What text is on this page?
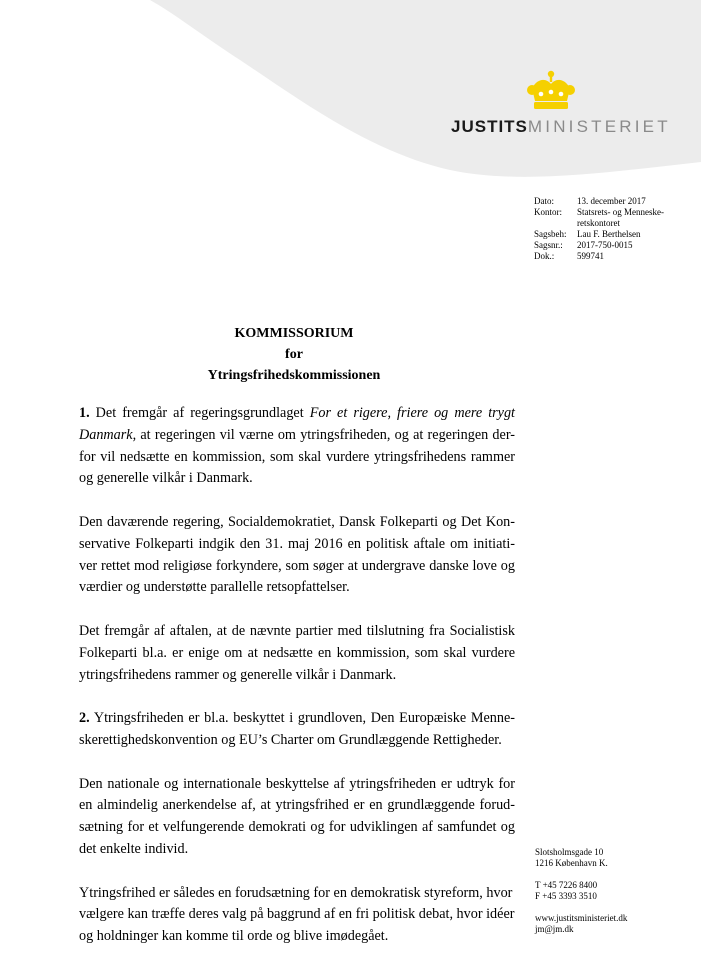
JUSTITSMINISTERIET
Dato:	13. december 2017
Kontor:	Statsrets- og Menneske-
retskontoret
Sagsbeh:	Lau F. Berthelsen
Sagsnr.:	2017-750-0015
Dok.:	599741
KOMMISSORIUM
for
Ytringsfrihedskommissionen

1. Det fremgår af regeringsgrundlaget For et rigere, friere og mere trygt Danmark, at regeringen vil værne om ytringsfriheden, og at regeringen der-for vil nedsætte en kommission, som skal vurdere ytringsfrihedens rammer og generelle vilkår i Danmark.

Den daværende regering, Socialdemokratiet, Dansk Folkeparti og Det Kon-servative Folkeparti indgik den 31. maj 2016 en politisk aftale om initiati-ver rettet mod religiøse forkyndere, som søger at undergrave danske love og værdier og understøtte parallelle retsopfattelser.

Det fremgår af aftalen, at de nævnte partier med tilslutning fra Socialistisk Folkeparti bl.a. er enige om at nedsætte en kommission, som skal vurdere ytringsfrihedens rammer og generelle vilkår i Danmark.

2. Ytringsfriheden er bl.a. beskyttet i grundloven, Den Europæiske Menne-skerettighedskonvention og EU’s Charter om Grundlæggende Rettigheder.

Den nationale og internationale beskyttelse af ytringsfriheden er udtryk for en almindelig anerkendelse af, at ytringsfrihed er en grundlæggende forud-sætning for et velfungerende demokrati og for udviklingen af samfundet og det enkelte individ.

Ytringsfrihed er således en forudsætning for en demokratisk styreform, hvor vælgere kan træffe deres valg på baggrund af en fri politisk debat, hvor idéer og holdninger kan komme til orde og blive imødegået.

Slotsholmsgade 10
1216 København K.
T +45 7226 8400
F +45 3393 3510
www.justitsministeriet.dk
jm@jm.dk
